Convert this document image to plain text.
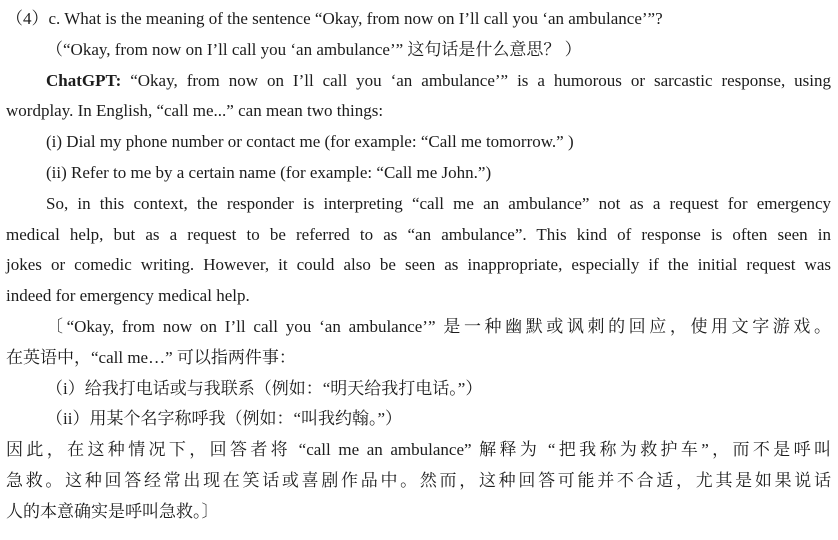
（4）c. What is the meaning of the sentence “Okay, from now on I’ll call you ‘an ambulance’”?
（“Okay, from now on I’ll call you ‘an ambulance’” 这句话是什么意思？ ）
ChatGPT: “Okay, from now on I’ll call you ‘an ambulance’” is a humorous or sarcastic response, using
wordplay. In English, “call me...” can mean two things:
(i) Dial my phone number or contact me (for example: “Call me tomorrow.” )
(ii) Refer to me by a certain name (for example: “Call me John.”)
So, in this context, the responder is interpreting “call me an ambulance” not as a request for emergency
medical help, but as a request to be referred to as “an ambulance”. This kind of response is often seen in
jokes or comedic writing. However, it could also be seen as inappropriate, especially if the initial request was
indeed for emergency medical help.
〔“Okay, from now on I’ll call you ‘an ambulance’” 是一种幽默或讽刺的回应，使用文字游戏。
在英语中，“call me…” 可以指两件事：
（i）给我打电话或与我联系（例如：“明天给我打电话。”）
（ii）用某个名字称呼我（例如：“叫我约翰。”）
因此，在这种情况下，回答者将 “call me an ambulance” 解释为 “把我称为救护车”，而不是呼叫
急救。这种回答经常出现在笑话或喜剧作品中。然而，这种回答可能并不合适，尤其是如果说话
人的本意确实是呼叫急救。〕
